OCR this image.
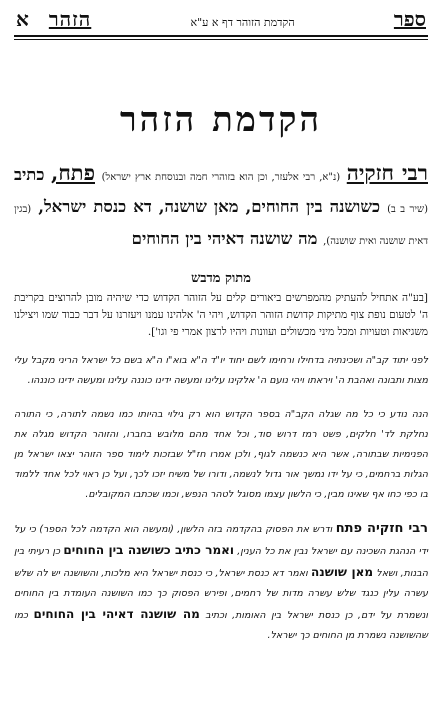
ספר
הקדמת הזוהר דף א ע"א
הזהר
א
הקדמת הזהר
רבי חזקיה (נ"א, רבי אלעזר, וכן הוא בזוהרי חמה ובנוסחת ארץ ישראל) פתח, כתיב (שיר ב ב) כשושנה בין החוחים, מאן שושנה, דא כנסת ישראל, (בגין דאית שושנה ואית שושנה), מה שושנה דאיהי בין החוחים
מתוק מדבש
[בע"ה אתחיל להעתיק מהמפרשים ביאורים קלים על הזוהר הקדוש כדי שיהיה מובן להרוצים בקריבת ה' לטעום נופת צוף מתיקות קדושת הזוהר הקדוש, ויהי ה' אלהינו עמנו ויעזרנו על דבר כבוד שמו ויצילנו משגיאות וטעויות ומכל מיני מכשולים ועוונות ויהיו לרצון אמרי פי וגו'].
לפני יתוד קב"ה ושכינתיה בדחילו ורחימו לשם יחוד יו"ד ה"א בוא"ו ה"א בשם כל ישראל הריני מקבל עלי מצות ותבונה ואהבת ה' ויראתו ויהי נועם ה' אלקינו עלינו ומעשה ידינו כוננה עלינו ומעשה ידינו כוננהו.
הנה נודע כי כל מה שגלה הקב"ה בספר הקדוש הוא רק גילוי בהיותו כמו נשמה לתורה, כי התורה נחלקת לד' חלקים, פשט רמז דרוש סוד, וכל אחד מהם מלובש בחברו, והזוהר הקדוש מגלה את הפנימיות שבתורה, אשר היא כנשמה לגוף, ולכן אמרו חז"ל שבזכות לימוד ספר הזוהר יצאו ישראל מן הגלות ברחמים, כי על ידו נמשך אור גדול לנשמה, ודורו של משיח יזכו לכך, ועל כן ראוי לכל אחד ללמוד בו כפי כחו אף שאינו מבין, כי הלשון עצמו מסוגל לטהר הנפש, וכמו שכתבו המקובלים.
רבי חזקיה פתח ודרש את הפסוק בהקדמה בזה הלשון, (ומעשה הוא הקדמה לכל הספר) כי על ידי הנהגת השכינה עם ישראל נבין את כל הענין, ואמר כתיב כשושנה בין החוחים כן רעיתי בין הבנות, ושאל מאן שושנה ואמר דא כנסת ישראל, כי כנסת ישראל היא מלכות, והשושנה יש לה שלש עשרה עלין כנגד שלש עשרה מדות של רחמים, ופירש הפסוק כך כמו השושנה העומדת בין החוחים ונשמרת על ידם, כן כנסת ישראל בין האומות, וכתיב מה שושנה דאיהי בין החוחים כמו שהשושנה נשמרת מן החוחים כך ישראל.
